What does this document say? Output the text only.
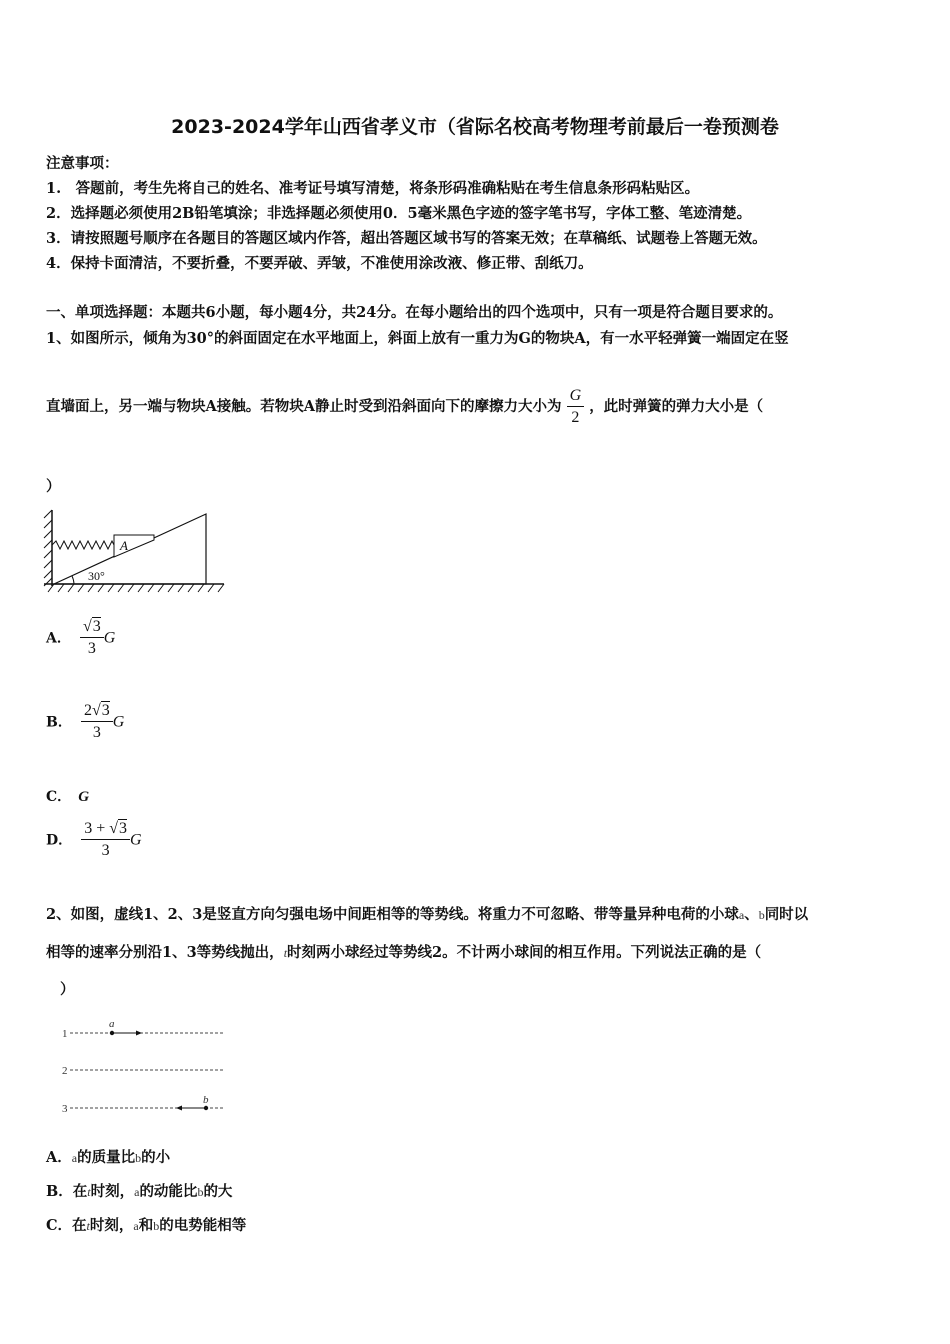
2023-2024学年山西省孝义市（省际名校高考物理考前最后一卷预测卷
注意事项：
1.　答题前，考生先将自己的姓名、准考证号填写清楚，将条形码准确粘贴在考生信息条形码粘贴区。
2．选择题必须使用2B铅笔填涂；非选择题必须使用0．5毫米黑色字迹的签字笔书写，字体工整、笔迹清楚。
3．请按照题号顺序在各题目的答题区域内作答，超出答题区域书写的答案无效；在草稿纸、试题卷上答题无效。
4．保持卡面清洁，不要折叠，不要弄破、弄皱，不准使用涂改液、修正带、刮纸刀。
一、单项选择题：本题共6小题，每小题4分，共24分。在每小题给出的四个选项中，只有一项是符合题目要求的。
1、如图所示，倾角为30°的斜面固定在水平地面上，斜面上放有一重力为G的物块A，有一水平轻弹簧一端固定在竖
直墙面上，另一端与物块A接触。若物块A静止时受到沿斜面向下的摩擦力大小为 $\frac{G}{2}$ ，此时弹簧的弹力大小是（
）
A
30°
A． $\frac{√3}{3}$ G
B． $\frac{2√3}{3}$ G
C． G
D． $\frac{3 + √3}{3}$ G
2、如图，虚线1、2、3是竖直方向匀强电场中间距相等的等势线。将重力不可忽略、带等量异种电荷的小球a、b同时以
相等的速率分别沿1、3等势线抛出，t时刻两小球经过等势线2。不计两小球间的相互作用。下列说法正确的是（
）
1
2
3
a
b
A．a的质量比b的小
B．在t时刻，a的动能比b的大
C．在t时刻，a和b的电势能相等
